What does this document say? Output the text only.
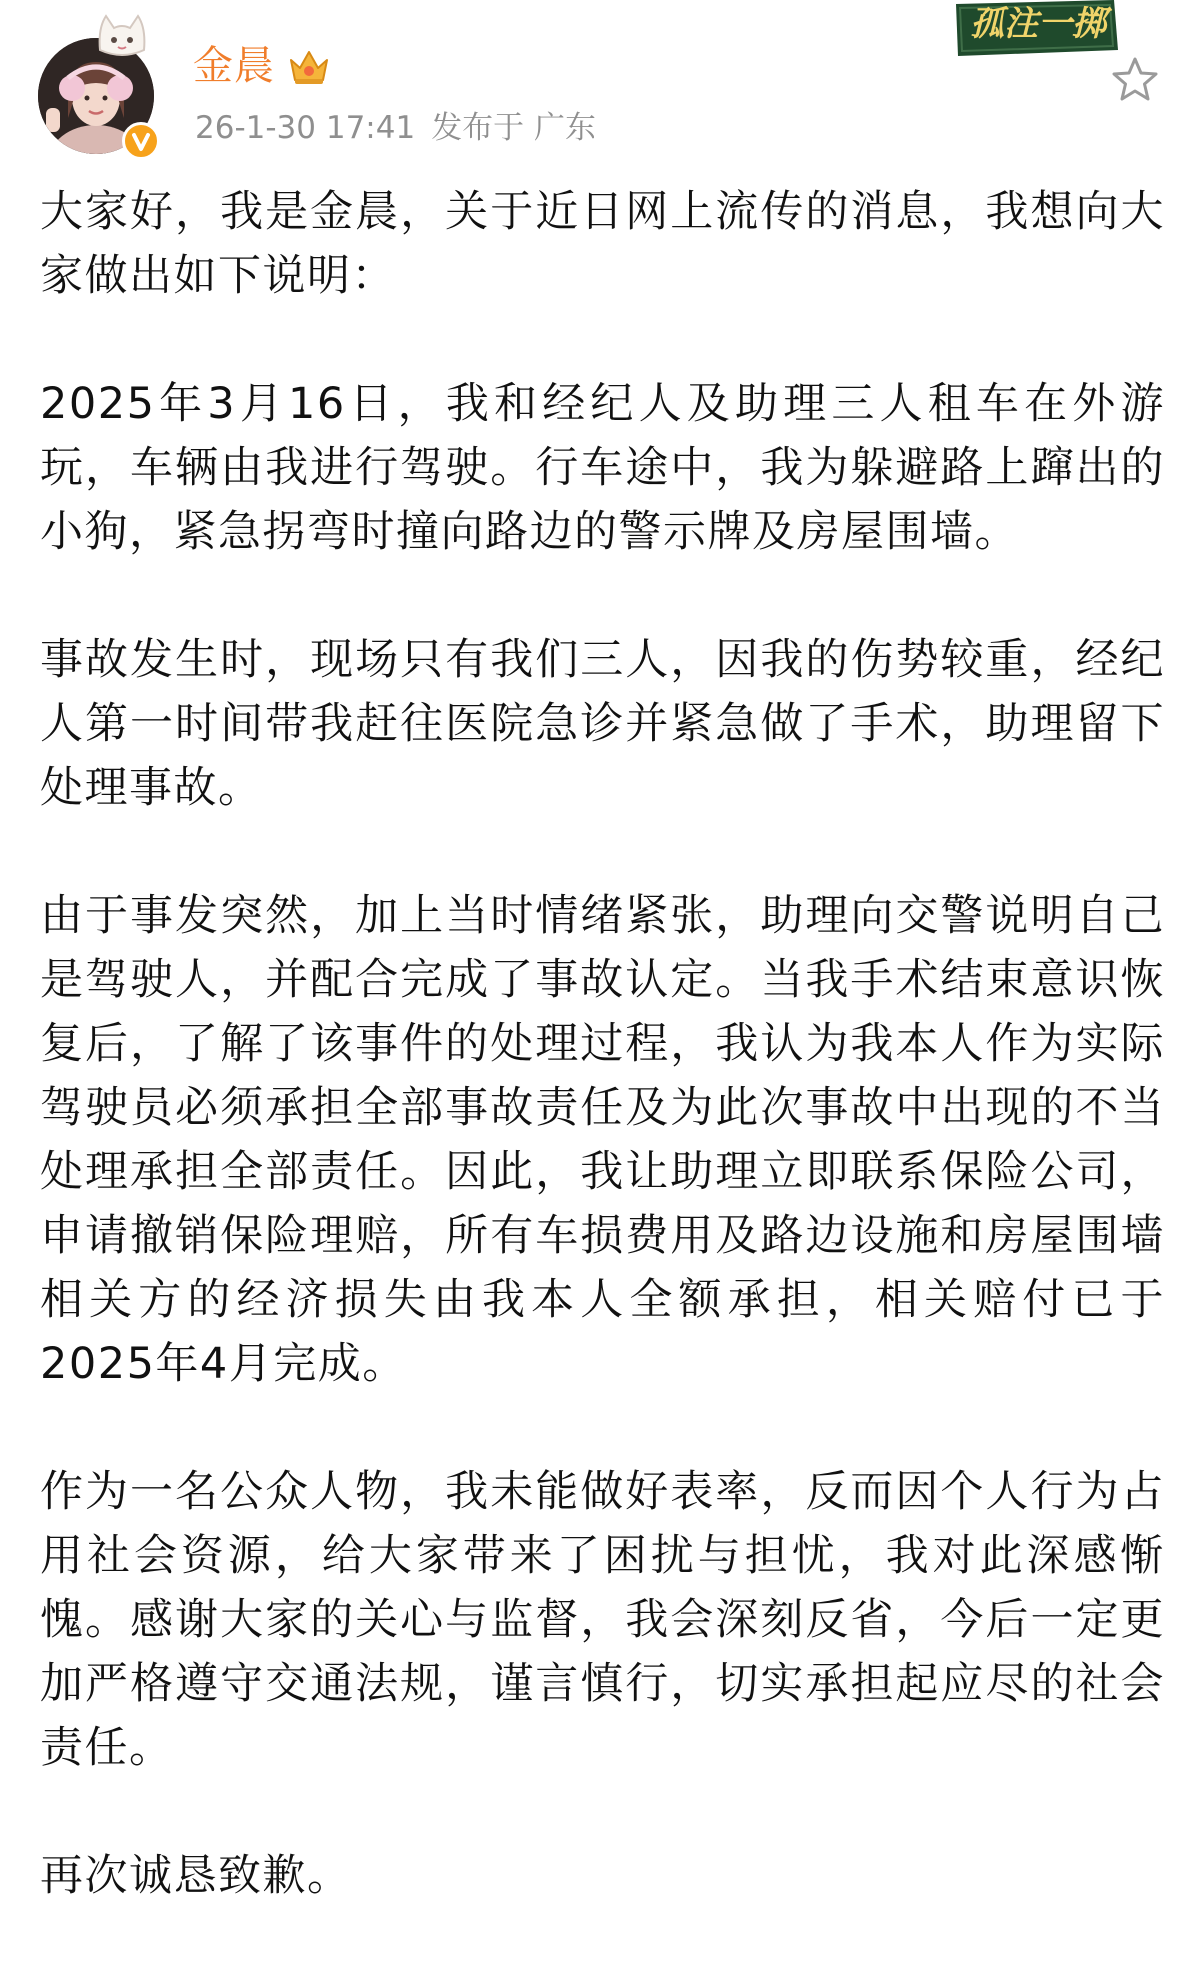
金晨
26-1-30 17:41 发布于 广东
孤注一掷

大家好，我是金晨，关于近日网上流传的消息，我想向大家做出如下说明：

2025年3月16日，我和经纪人及助理三人租车在外游玩，车辆由我进行驾驶。行车途中，我为躲避路上蹿出的小狗，紧急拐弯时撞向路边的警示牌及房屋围墙。

事故发生时，现场只有我们三人，因我的伤势较重，经纪人第一时间带我赶往医院急诊并紧急做了手术，助理留下处理事故。

由于事发突然，加上当时情绪紧张，助理向交警说明自己是驾驶人，并配合完成了事故认定。当我手术结束意识恢复后，了解了该事件的处理过程，我认为我本人作为实际驾驶员必须承担全部事故责任及为此次事故中出现的不当处理承担全部责任。因此，我让助理立即联系保险公司，申请撤销保险理赔，所有车损费用及路边设施和房屋围墙相关方的经济损失由我本人全额承担，相关赔付已于2025年4月完成。

作为一名公众人物，我未能做好表率，反而因个人行为占用社会资源，给大家带来了困扰与担忧，我对此深感惭愧。感谢大家的关心与监督，我会深刻反省，今后一定更加严格遵守交通法规，谨言慎行，切实承担起应尽的社会责任。

再次诚恳致歉。
